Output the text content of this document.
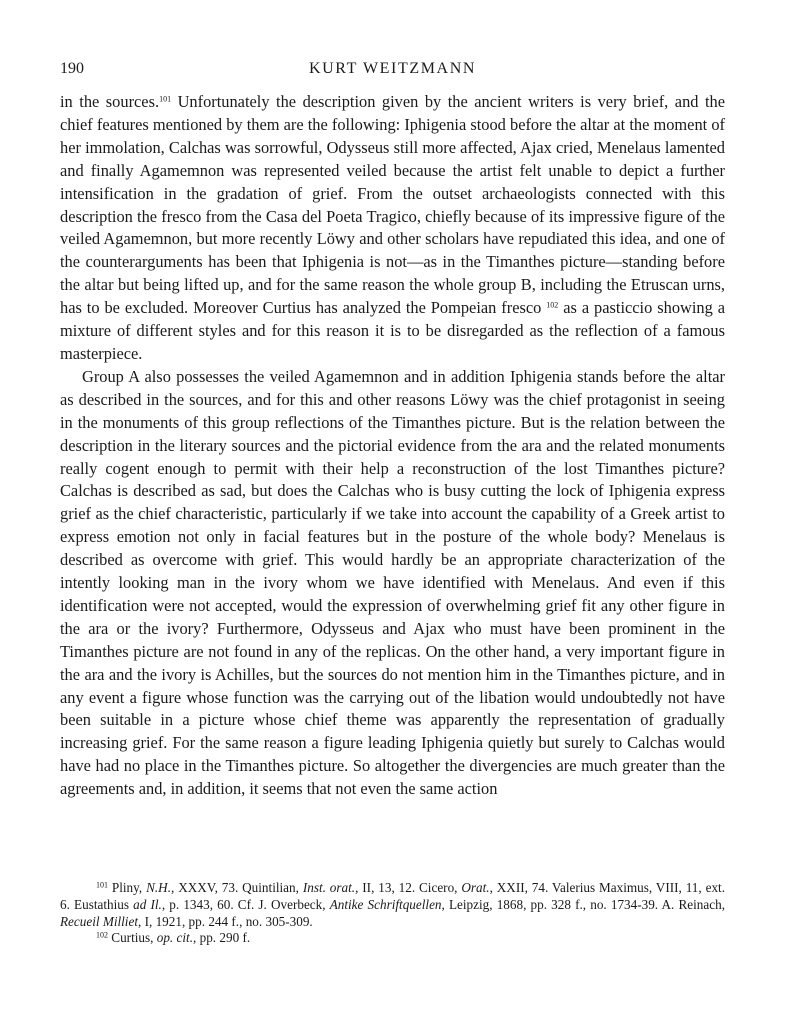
190	KURT WEITZMANN

in the sources.$^{101}$ Unfortunately the description given by the ancient writers is very brief, and the chief features mentioned by them are the following: Iphigenia stood before the altar at the moment of her immolation, Calchas was sorrowful, Odysseus still more affected, Ajax cried, Menelaus lamented and finally Agamemnon was represented veiled because the artist felt unable to depict a further intensification in the gradation of grief. From the outset archaeologists connected with this description the fresco from the Casa del Poeta Tragico, chiefly because of its impressive figure of the veiled Agamemnon, but more recently Löwy and other scholars have repudiated this idea, and one of the counterarguments has been that Iphigenia is not—as in the Timanthes picture—standing before the altar but being lifted up, and for the same reason the whole group B, including the Etruscan urns, has to be excluded. Moreover Curtius has analyzed the Pompeian fresco $^{102}$ as a pasticcio showing a mixture of different styles and for this reason it is to be disregarded as the reflection of a famous masterpiece.

Group A also possesses the veiled Agamemnon and in addition Iphigenia stands before the altar as described in the sources, and for this and other reasons Löwy was the chief protagonist in seeing in the monuments of this group reflections of the Timanthes picture. But is the relation between the description in the literary sources and the pictorial evidence from the ara and the related monuments really cogent enough to permit with their help a reconstruction of the lost Timanthes picture? Calchas is described as sad, but does the Calchas who is busy cutting the lock of Iphigenia express grief as the chief characteristic, particularly if we take into account the capability of a Greek artist to express emotion not only in facial features but in the posture of the whole body? Menelaus is described as overcome with grief. This would hardly be an appropriate characterization of the intently looking man in the ivory whom we have identified with Menelaus. And even if this identification were not accepted, would the expression of overwhelming grief fit any other figure in the ara or the ivory? Furthermore, Odysseus and Ajax who must have been prominent in the Timanthes picture are not found in any of the replicas. On the other hand, a very important figure in the ara and the ivory is Achilles, but the sources do not mention him in the Timanthes picture, and in any event a figure whose function was the carrying out of the libation would undoubtedly not have been suitable in a picture whose chief theme was apparently the representation of gradually increasing grief. For the same reason a figure leading Iphigenia quietly but surely to Calchas would have had no place in the Timanthes picture. So altogether the divergencies are much greater than the agreements and, in addition, it seems that not even the same action

$^{101}$ Pliny, N.H., XXXV, 73. Quintilian, Inst. orat., II, 13, 12. Cicero, Orat., XXII, 74. Valerius Maximus, VIII, 11, ext. 6. Eustathius ad Il., p. 1343, 60. Cf. J. Overbeck, Antike Schriftquellen, Leipzig, 1868, pp. 328 f., no. 1734-39. A. Reinach, Recueil Milliet, I, 1921, pp. 244 f., no. 305-309.

$^{102}$ Curtius, op. cit., pp. 290 f.
